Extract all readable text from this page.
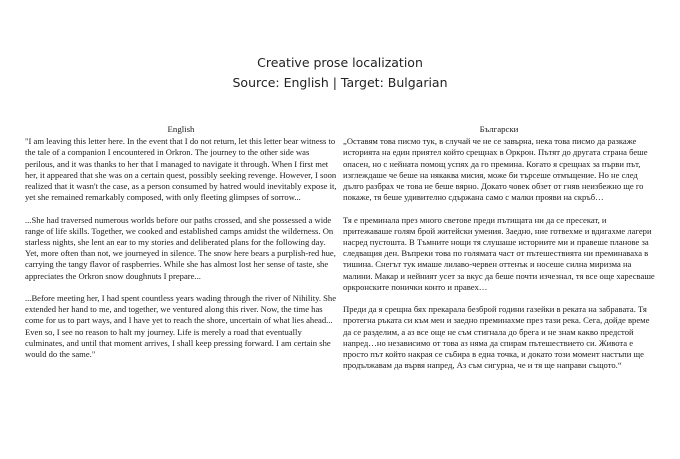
Creative prose localization
Source: English | Target: Bulgarian
English
"I am leaving this letter here. In the event that I do not return, let this letter bear witness to the tale of a companion I encountered in Orkron. The journey to the other side was perilous, and it was thanks to her that I managed to navigate it through. When I first met her, it appeared that she was on a certain quest, possibly seeking revenge. However, I soon realized that it wasn't the case, as a person consumed by hatred would inevitably expose it, yet she remained remarkably composed, with only fleeting glimpses of sorrow...
...She had traversed numerous worlds before our paths crossed, and she possessed a wide range of life skills. Together, we cooked and established camps amidst the wilderness. On starless nights, she lent an ear to my stories and deliberated plans for the following day. Yet, more often than not, we journeyed in silence. The snow here bears a purplish-red hue, carrying the tangy flavor of raspberries. While she has almost lost her sense of taste, she appreciates the Orkron snow doughnuts I prepare...
...Before meeting her, I had spent countless years wading through the river of Nihility. She extended her hand to me, and together, we ventured along this river. Now, the time has come for us to part ways, and I have yet to reach the shore, uncertain of what lies ahead... Even so, I see no reason to halt my journey. Life is merely a road that eventually culminates, and until that moment arrives, I shall keep pressing forward. I am certain she would do the same."
Български
„Оставям това писмо тук, в случай че не се завърна, нека това писмо да разкаже историята на един приятел който срещнах в Оркрон. Пътят до другата страна беше опасен, но с нейната помощ успях да го премина. Когато я срещнах за първи път, изглеждаше че беше на някаква мисия, може би търсеше отмъщение. Но не след дълго разбрах че това не беше вярно. Докато човек обзет от гняв неизбежно ще го покаже, тя беше удивително сдържана само с малки прояви на скръб…
Тя е преминала през много светове преди пътищата ни да се пресекат, и притежаваше голям брой житейски умения. Заедно, ние готвехме и вдигахме лагери насред пустошта. В Тъмните нощи тя слушаше историите ми и правеше планове за следващия ден. Въпреки това по голямата част от пътешествията ни преминаваха в тишина. Снегът тук имаше лилаво-червен оттенък и носеше силна миризма на малини. Макар и нейният усет за вкус да беше почти изчезнал, тя все още харесваше оркронските понички конто и правех…
Преди да я срещна бях прекарала безброй години газейки в реката на забравата. Тя протегна ръката си към мен и заедно преминахме през тази река. Сега, дойде време да се разделим, а аз все още не съм стигнала до брега и не знам какво предстой напред…но независимо от това аз няма да спирам пътешествието си. Живота е просто път който накрая се събира в една точка, и докато този момент настъпи ще продължавам да вървя напред, Аз съм сигурна, че и тя ще направи същото.“
